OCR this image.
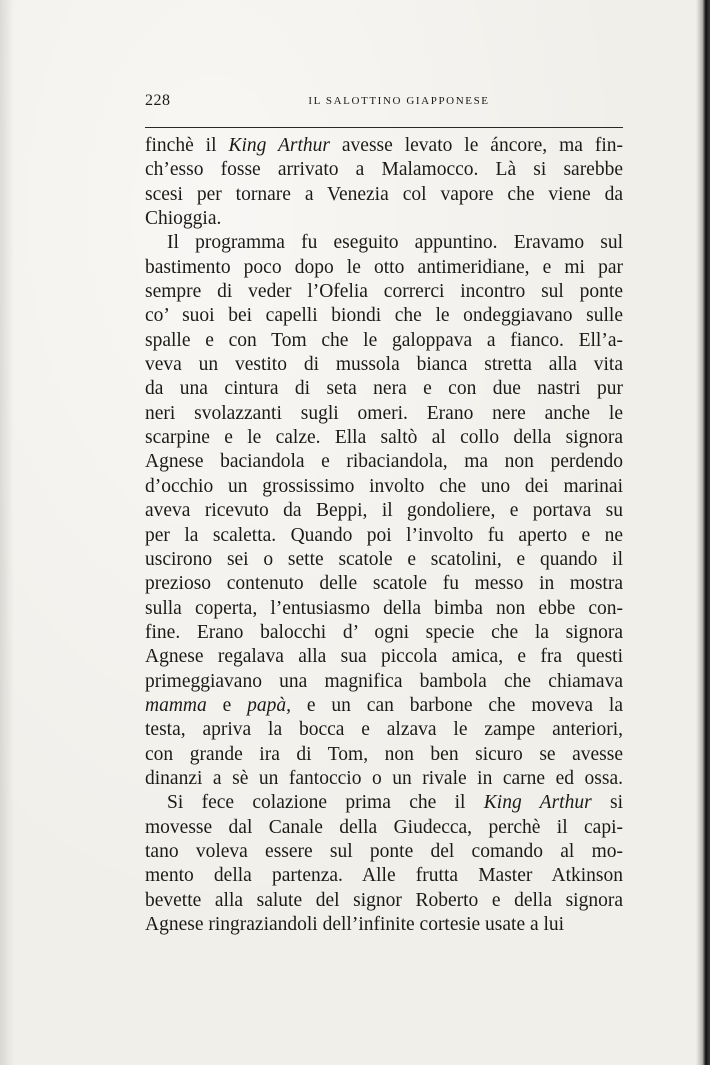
228	IL SALOTTINO GIAPPONESE
finchè il King Arthur avesse levato le áncore, ma fin-
ch’esso fosse arrivato a Malamocco. Là si sarebbe
scesi per tornare a Venezia col vapore che viene da
Chioggia.
Il programma fu eseguito appuntino. Eravamo sul
bastimento poco dopo le otto antimeridiane, e mi par
sempre di veder l’Ofelia correrci incontro sul ponte
co’ suoi bei capelli biondi che le ondeggiavano sulle
spalle e con Tom che le galoppava a fianco. Ell’a-
veva un vestito di mussola bianca stretta alla vita
da una cintura di seta nera e con due nastri pur
neri svolazzanti sugli omeri. Erano nere anche le
scarpine e le calze. Ella saltò al collo della signora
Agnese baciandola e ribaciandola, ma non perdendo
d’occhio un grossissimo involto che uno dei marinai
aveva ricevuto da Beppi, il gondoliere, e portava su
per la scaletta. Quando poi l’involto fu aperto e ne
uscirono sei o sette scatole e scatolini, e quando il
prezioso contenuto delle scatole fu messo in mostra
sulla coperta, l’entusiasmo della bimba non ebbe con-
fine. Erano balocchi d’ ogni specie che la signora
Agnese regalava alla sua piccola amica, e fra questi
primeggiavano una magnifica bambola che chiamava
mamma e papà, e un can barbone che moveva la
testa, apriva la bocca e alzava le zampe anteriori,
con grande ira di Tom, non ben sicuro se avesse
dinanzi a sè un fantoccio o un rivale in carne ed ossa.
Si fece colazione prima che il King Arthur si
movesse dal Canale della Giudecca, perchè il capi-
tano voleva essere sul ponte del comando al mo-
mento della partenza. Alle frutta Master Atkinson
bevette alla salute del signor Roberto e della signora
Agnese ringraziandoli dell’infinite cortesie usate a lui
